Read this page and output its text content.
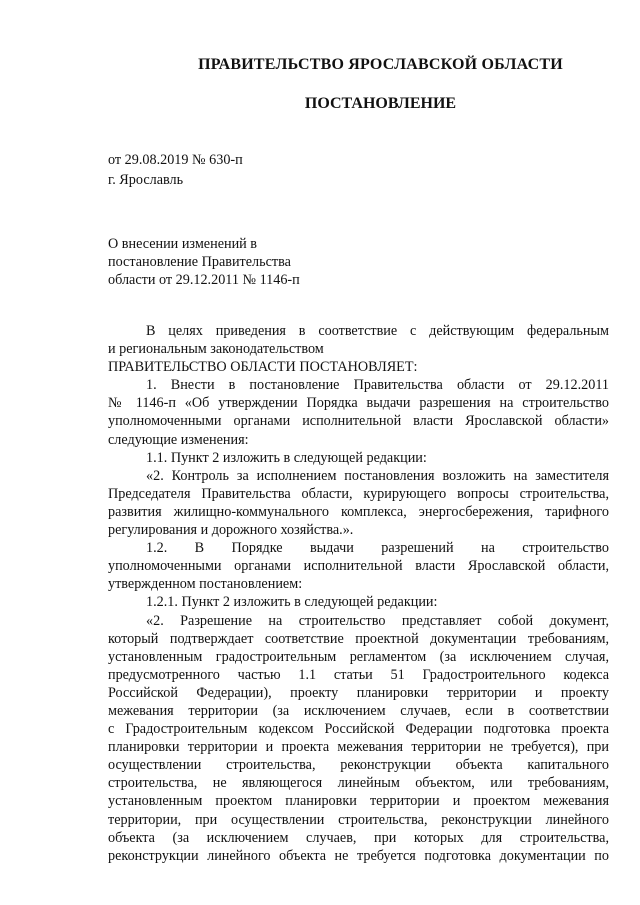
ПРАВИТЕЛЬСТВО ЯРОСЛАВСКОЙ ОБЛАСТИ
ПОСТАНОВЛЕНИЕ
от 29.08.2019 № 630-п
г. Ярославль
О внесении изменений в
постановление Правительства
области от 29.12.2011 № 1146-п
В целях приведения в соответствие с действующим федеральным
и региональным законодательством
ПРАВИТЕЛЬСТВО ОБЛАСТИ ПОСТАНОВЛЯЕТ:
1. Внести в постановление Правительства области от 29.12.2011
№ 1146-п «Об утверждении Порядка выдачи разрешения на строительство
уполномоченными органами исполнительной власти Ярославской области»
следующие изменения:
1.1. Пункт 2 изложить в следующей редакции:
«2. Контроль за исполнением постановления возложить на заместителя
Председателя Правительства области, курирующего вопросы строительства,
развития жилищно-коммунального комплекса, энергосбережения, тарифного
регулирования и дорожного хозяйства.».
1.2. В Порядке выдачи разрешений на строительство
уполномоченными органами исполнительной власти Ярославской области,
утвержденном постановлением:
1.2.1. Пункт 2 изложить в следующей редакции:
«2. Разрешение на строительство представляет собой документ,
который подтверждает соответствие проектной документации требованиям,
установленным градостроительным регламентом (за исключением случая,
предусмотренного частью 1.1 статьи 51 Градостроительного кодекса
Российской Федерации), проекту планировки территории и проекту
межевания территории (за исключением случаев, если в соответствии
с Градостроительным кодексом Российской Федерации подготовка проекта
планировки территории и проекта межевания территории не требуется), при
осуществлении строительства, реконструкции объекта капитального
строительства, не являющегося линейным объектом, или требованиям,
установленным проектом планировки территории и проектом межевания
территории, при осуществлении строительства, реконструкции линейного
объекта (за исключением случаев, при которых для строительства,
реконструкции линейного объекта не требуется подготовка документации по
